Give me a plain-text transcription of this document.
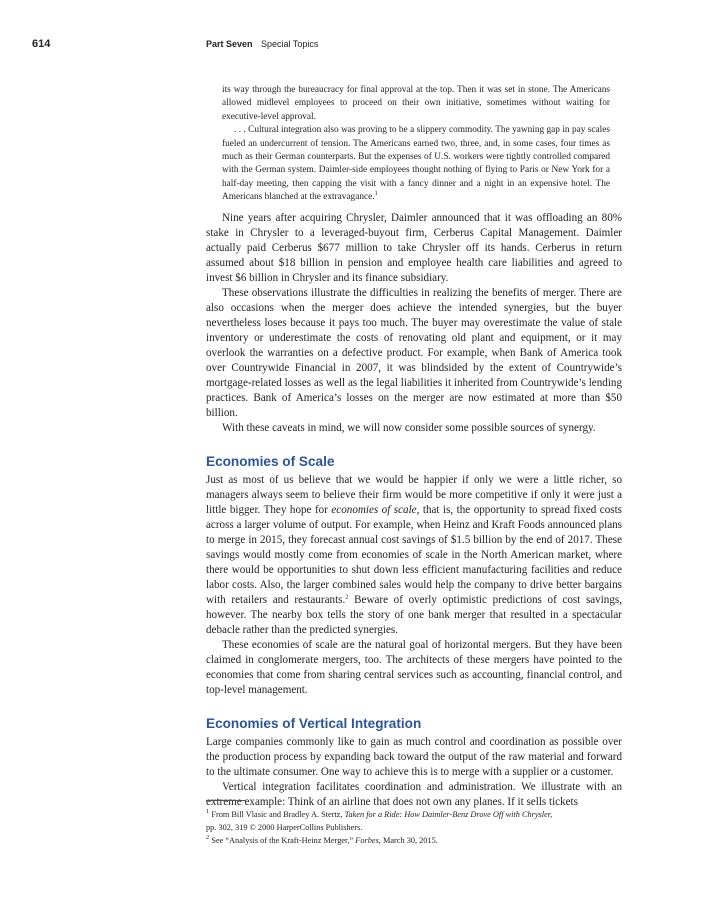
614	Part Seven Special Topics

its way through the bureaucracy for final approval at the top. Then it was set in stone. The Americans allowed midlevel employees to proceed on their own initiative, sometimes without waiting for executive-level approval.

. . . Cultural integration also was proving to be a slippery commodity. The yawning gap in pay scales fueled an undercurrent of tension. The Americans earned two, three, and, in some cases, four times as much as their German counterparts. But the expenses of U.S. workers were tightly controlled compared with the German system. Daimler-side employees thought nothing of flying to Paris or New York for a half-day meeting, then capping the visit with a fancy dinner and a night in an expensive hotel. The Americans blanched at the extravagance.$^1$

Nine years after acquiring Chrysler, Daimler announced that it was offloading an 80% stake in Chrysler to a leveraged-buyout firm, Cerberus Capital Management. Daimler actually paid Cerberus $677 million to take Chrysler off its hands. Cerberus in return assumed about $18 billion in pension and employee health care liabilities and agreed to invest $6 billion in Chrysler and its finance subsidiary.

These observations illustrate the difficulties in realizing the benefits of merger. There are also occasions when the merger does achieve the intended synergies, but the buyer nevertheless loses because it pays too much. The buyer may overestimate the value of stale inventory or underestimate the costs of renovating old plant and equipment, or it may overlook the warranties on a defective product. For example, when Bank of America took over Countrywide Financial in 2007, it was blindsided by the extent of Countrywide’s mortgage-related losses as well as the legal liabilities it inherited from Countrywide’s lending practices. Bank of America’s losses on the merger are now estimated at more than $50 billion.

With these caveats in mind, we will now consider some possible sources of synergy.

Economies of Scale

Just as most of us believe that we would be happier if only we were a little richer, so managers always seem to believe their firm would be more competitive if only it were just a little bigger. They hope for economies of scale, that is, the opportunity to spread fixed costs across a larger volume of output. For example, when Heinz and Kraft Foods announced plans to merge in 2015, they forecast annual cost savings of $1.5 billion by the end of 2017. These savings would mostly come from economies of scale in the North American market, where there would be opportunities to shut down less efficient manufacturing facilities and reduce labor costs. Also, the larger combined sales would help the company to drive better bargains with retailers and restaurants.$^2$ Beware of overly optimistic predictions of cost savings, however. The nearby box tells the story of one bank merger that resulted in a spectacular debacle rather than the predicted synergies.

These economies of scale are the natural goal of horizontal mergers. But they have been claimed in conglomerate mergers, too. The architects of these mergers have pointed to the economies that come from sharing central services such as accounting, financial control, and top-level management.

Economies of Vertical Integration

Large companies commonly like to gain as much control and coordination as possible over the production process by expanding back toward the output of the raw material and forward to the ultimate consumer. One way to achieve this is to merge with a supplier or a customer.

Vertical integration facilitates coordination and administration. We illustrate with an extreme example: Think of an airline that does not own any planes. If it sells tickets

$^1$ From Bill Vlasic and Bradley A. Stertz, Taken for a Ride: How Daimler-Benz Drove Off with Chrysler,

pp. 302, 319 © 2000 HarperCollins Publishers.

$^2$ See “Analysis of the Kraft-Heinz Merger,” Forbes, March 30, 2015.
